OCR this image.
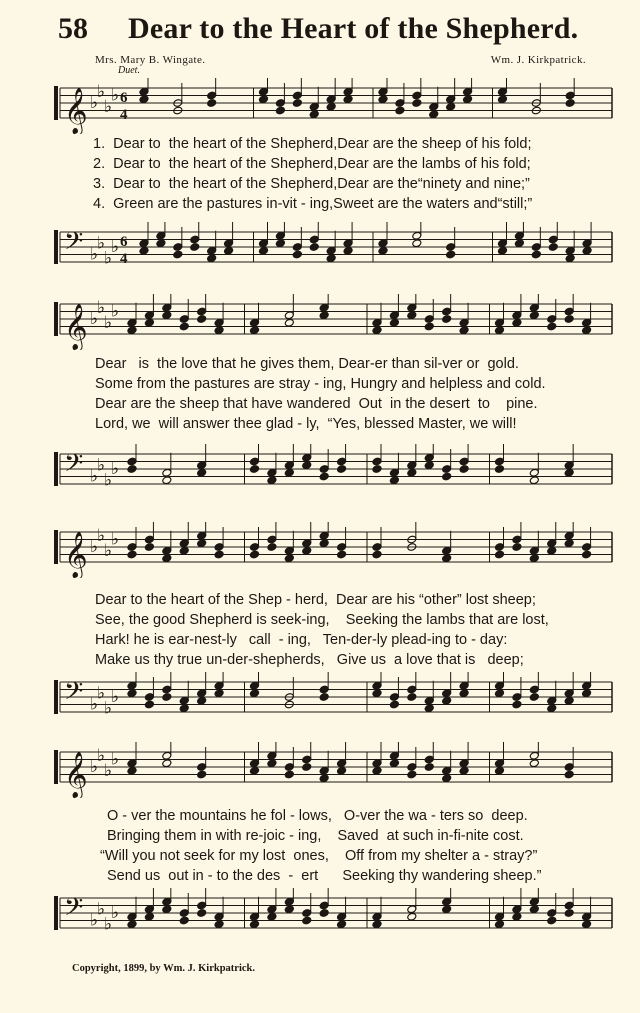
58 Dear to the Heart of the Shepherd.
Mrs. Mary B. Wingate.	Wm. J. Kirkpatrick.
Duet.
𝄞 ♭
♭
♭
♭ 6
4
1.  Dear to  the heart of the Shepherd,Dear are the sheep of his fold;
2.  Dear to  the heart of the Shepherd,Dear are the lambs of his fold;
3.  Dear to  the heart of the Shepherd,Dear are the“ninety and nine;”
4.  Green are the pastures in-vit - ing,Sweet are the waters and“still;”
𝄢 ♭
♭
♭
♭ 6
4
𝄞 ♭
♭
♭
♭
Dear   is  the love that he gives them, Dear-er than sil-ver or  gold.
Some from the pastures are stray - ing, Hungry and helpless and cold.
Dear are the sheep that have wandered  Out  in the desert  to    pine.
Lord, we  will answer thee glad - ly,  “Yes, blessed Master, we will!
𝄢 ♭
♭
♭
♭
𝄞 ♭
♭
♭
♭
Dear to the heart of the Shep - herd,  Dear are his “other” lost sheep;
See, the good Shepherd is seek-ing,    Seeking the lambs that are lost,
Hark! he is ear-nest-ly   call  - ing,   Ten-der-ly plead-ing to - day:
Make us thy true un-der-shepherds,   Give us  a love that is   deep;
𝄢 ♭
♭
♭
♭
𝄞 ♭
♭
♭
♭
O - ver the mountains he fol - lows,   O-ver the wa - ters so  deep.
Bringing them in with re-joic - ing,    Saved  at such in-fi-nite cost.
“Will you not seek for my lost  ones,    Off from my shelter a - stray?”
Send us  out in - to the des  -  ert      Seeking thy wandering sheep.”
𝄢 ♭
♭
♭
♭
Copyright, 1899, by Wm. J. Kirkpatrick.
